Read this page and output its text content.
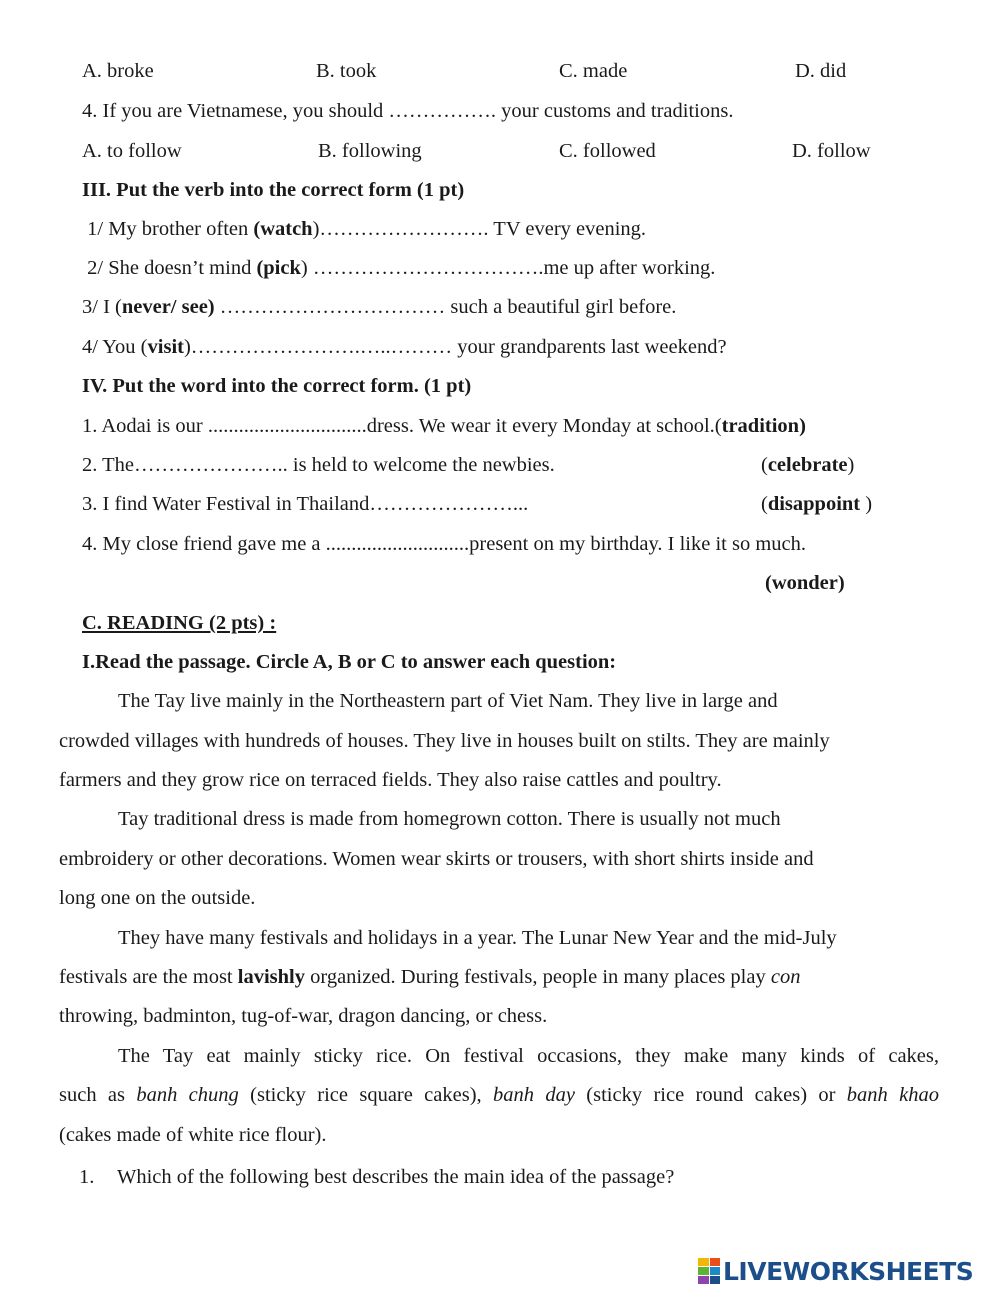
A. broke	B. took	C. made	D. did
4. If you are Vietnamese, you should ……………. your customs and traditions.
A. to follow	B. following	C. followed	D. follow
III. Put the verb into the correct form (1 pt)
1/ My brother often (watch)……………………. TV every evening.
2/ She doesn’t mind (pick) …………………………….me up after working.
3/ I (never/ see) …………………………… such a beautiful girl before.
4/ You (visit)…………………….…..……… your grandparents last weekend?
IV. Put the word into the correct form. (1 pt)
1. Aodai is our ...............................dress. We wear it every Monday at school.(tradition)
2. The………………….. is held to welcome the newbies.	(celebrate)
3. I find Water Festival in Thailand…………………...	(disappoint )
4. My close friend gave me a ............................present on my birthday. I like it so much.
(wonder)
C. READING (2 pts) :
I.Read the passage. Circle A, B or C to answer each question:
The Tay live mainly in the Northeastern part of Viet Nam. They live in large and
crowded villages with hundreds of houses. They live in houses built on stilts. They are mainly
farmers and they grow rice on terraced fields. They also raise cattles and poultry.
Tay traditional dress is made from homegrown cotton. There is usually not much
embroidery or other decorations. Women wear skirts or trousers, with short shirts inside and
long one on the outside.
They have many festivals and holidays in a year. The Lunar New Year and the mid-July
festivals are the most lavishly organized. During festivals, people in many places play con
throwing, badminton, tug-of-war, dragon dancing, or chess.
The Tay eat mainly sticky rice. On festival occasions, they make many kinds of cakes,
such as banh chung (sticky rice square cakes), banh day (sticky rice round cakes) or banh khao
(cakes made of white rice flour).
1. Which of the following best describes the main idea of the passage?
LIVEWORKSHEETS
